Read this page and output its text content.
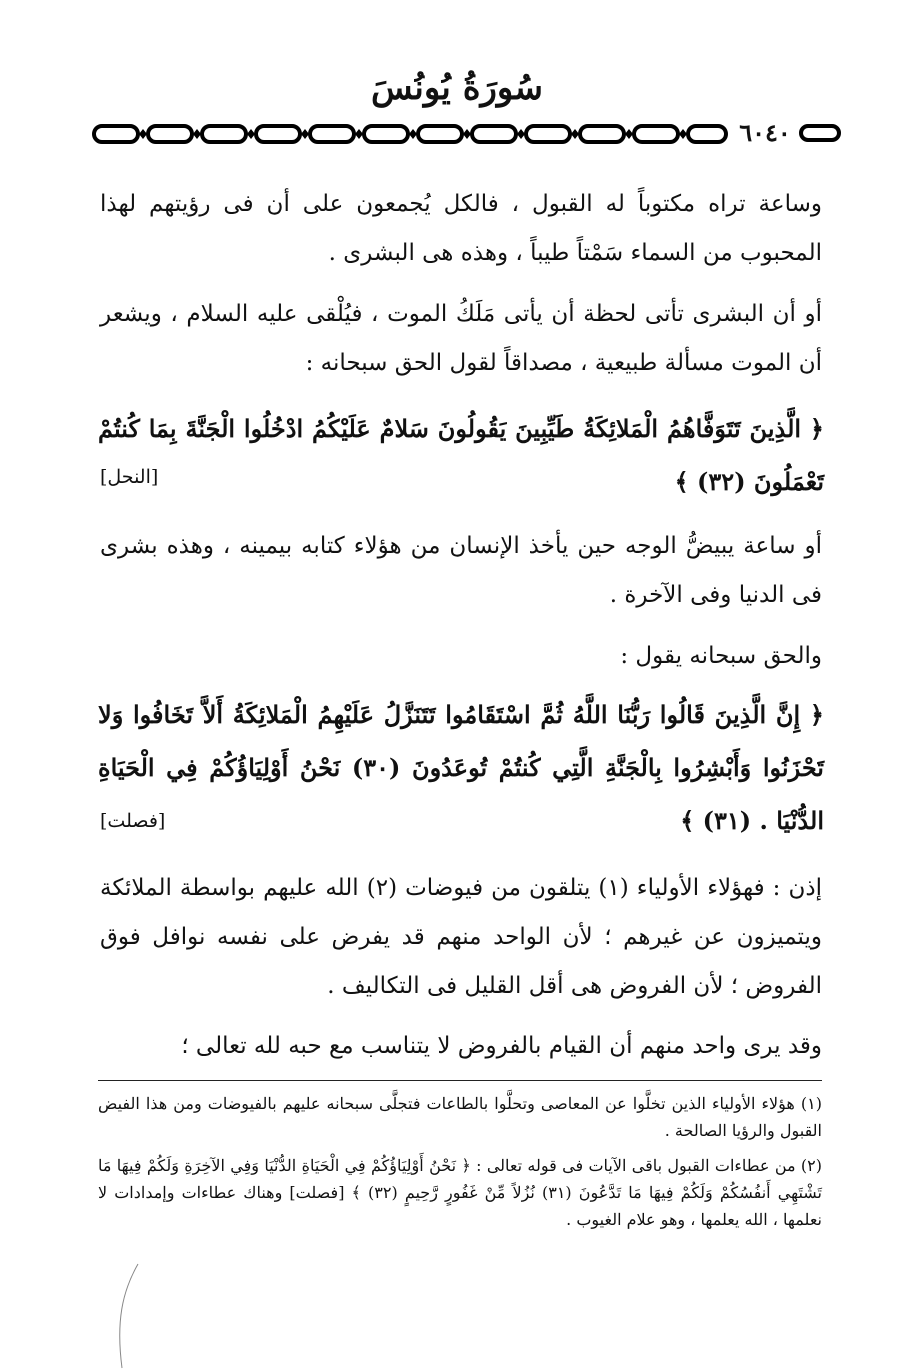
سُورَةُ يُونُسَ
٦٠٤٠
وساعة تراه مكتوباً له القبول ، فالكل يُجمعون على أن فى رؤيتهم لهذا المحبوب من السماء سَمْتاً طيباً ، وهذه هى البشرى .
أو أن البشرى تأتى لحظة أن يأتى مَلَكُ الموت ، فيُلْقى عليه السلام ، ويشعر أن الموت مسألة طبيعية ، مصداقاً لقول الحق سبحانه :
﴿ الَّذِينَ تَتَوَفَّاهُمُ الْمَلائِكَةُ طَيِّبِينَ يَقُولُونَ سَلامٌ عَلَيْكُمُ ادْخُلُوا الْجَنَّةَ بِمَا كُنتُمْ تَعْمَلُونَ (٣٢) ﴾
[النحل]
أو ساعة يبيضُّ الوجه حين يأخذ الإنسان من هؤلاء كتابه بيمينه ، وهذه بشرى فى الدنيا وفى الآخرة .
والحق سبحانه يقول :
﴿ إِنَّ الَّذِينَ قَالُوا رَبُّنَا اللَّهُ ثُمَّ اسْتَقَامُوا تَتَنَزَّلُ عَلَيْهِمُ الْمَلائِكَةُ أَلاَّ تَخَافُوا وَلا تَحْزَنُوا وَأَبْشِرُوا بِالْجَنَّةِ الَّتِي كُنتُمْ تُوعَدُونَ (٣٠) نَحْنُ أَوْلِيَاؤُكُمْ فِي الْحَيَاةِ الدُّنْيَا . (٣١) ﴾
[فصلت]
إذن : فهؤلاء الأولياء (١) يتلقون من فيوضات (٢) الله عليهم بواسطة الملائكة ويتميزون عن غيرهم ؛ لأن الواحد منهم قد يفرض على نفسه نوافل فوق الفروض ؛ لأن الفروض هى أقل القليل فى التكاليف .
وقد يرى واحد منهم أن القيام بالفروض لا يتناسب مع حبه لله تعالى ؛
(١) هؤلاء الأولياء الذين تخلَّوا عن المعاصى وتحلَّوا بالطاعات فتجلَّى سبحانه عليهم بالفيوضات ومن هذا الفيض القبول والرؤيا الصالحة .
(٢) من عطاءات القبول باقى الآيات فى قوله تعالى : ﴿ نَحْنُ أَوْلِيَاؤُكُمْ فِي الْحَيَاةِ الدُّنْيَا وَفِي الآخِرَةِ وَلَكُمْ فِيهَا مَا تَشْتَهِي أَنفُسُكُمْ وَلَكُمْ فِيهَا مَا تَدَّعُونَ (٣١) نُزُلاً مِّنْ غَفُورٍ رَّحِيمٍ (٣٢) ﴾ [فصلت] وهناك عطاءات وإمدادات لا نعلمها ، الله يعلمها ، وهو علام الغيوب .
